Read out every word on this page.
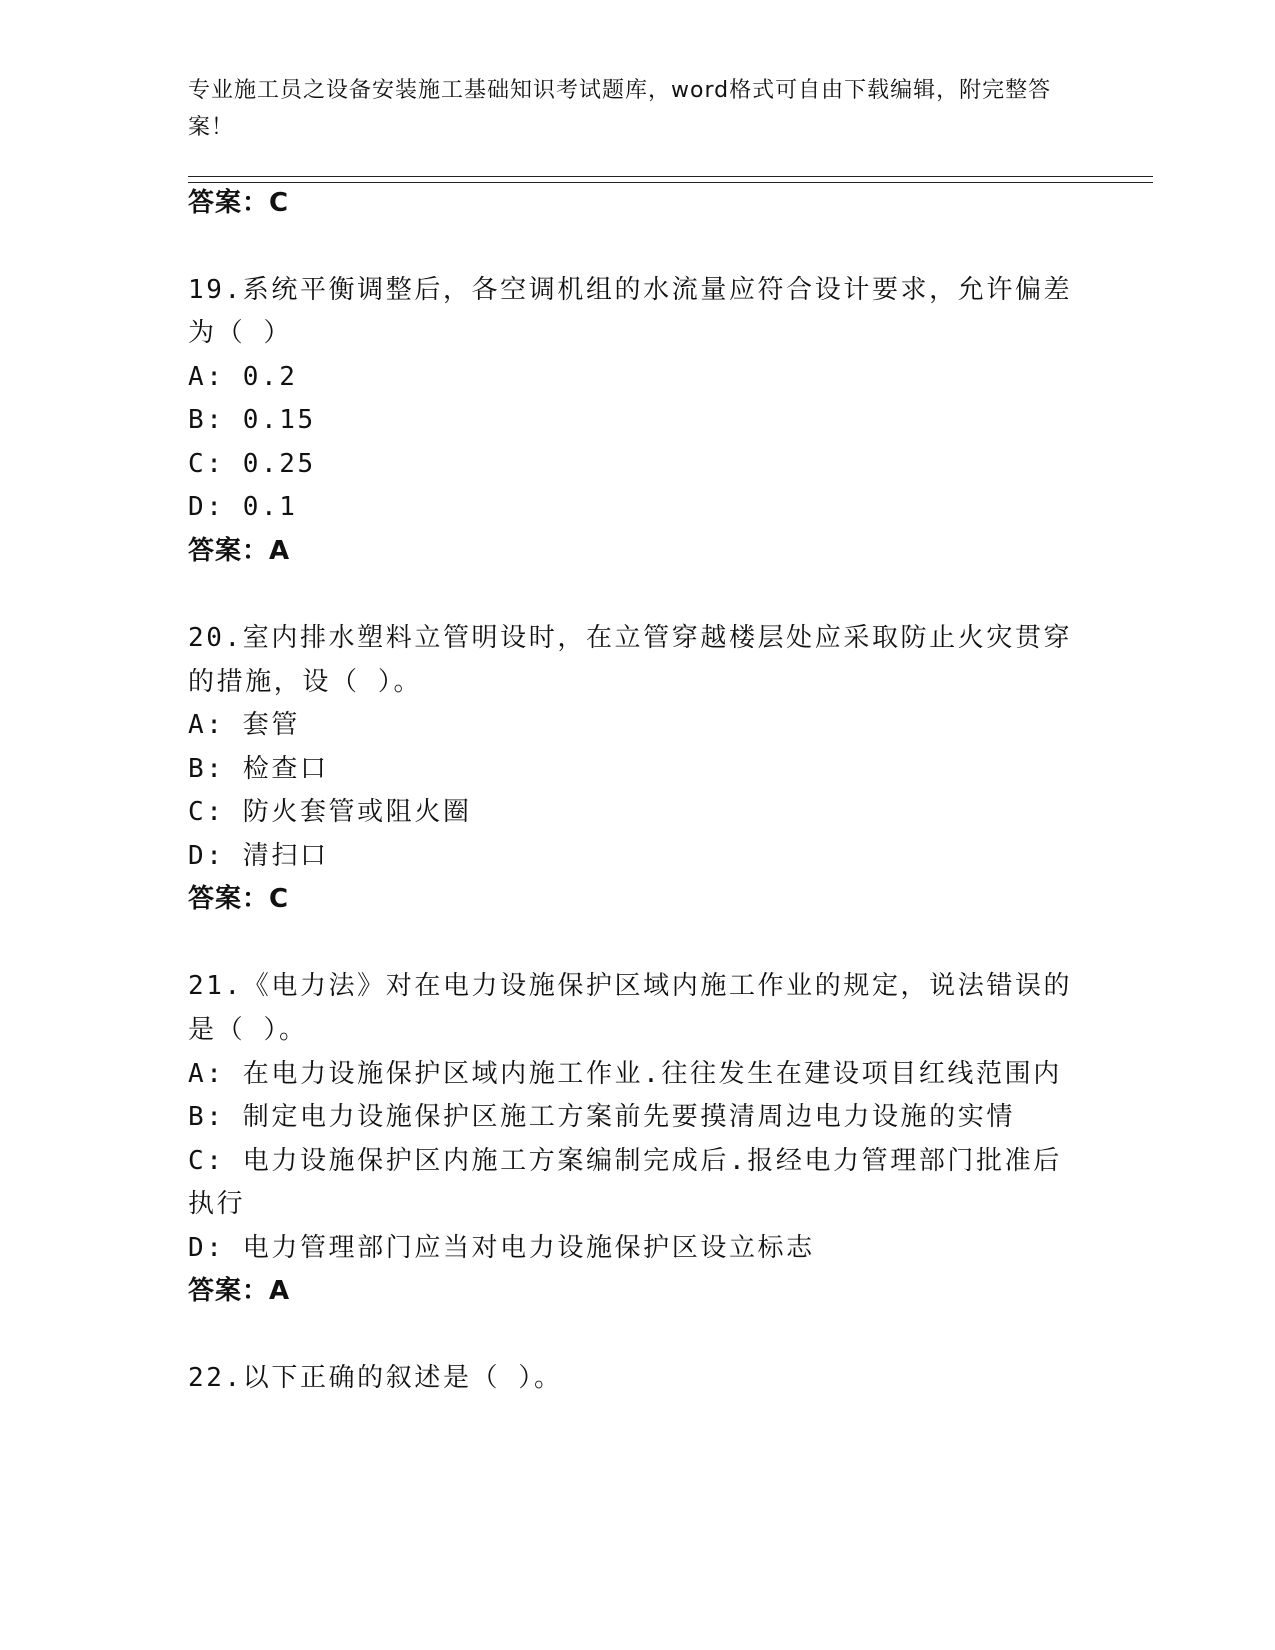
专业施工员之设备安装施工基础知识考试题库，word格式可自由下载编辑，附完整答案！
答案：C
19.系统平衡调整后，各空调机组的水流量应符合设计要求，允许偏差
为（ ）
A: 0.2
B: 0.15
C: 0.25
D: 0.1
答案：A
20.室内排水塑料立管明设时，在立管穿越楼层处应采取防止火灾贯穿
的措施，设（ ）。
A: 套管
B: 检查口
C: 防火套管或阻火圈
D: 清扫口
答案：C
21.《电力法》对在电力设施保护区域内施工作业的规定，说法错误的
是（ ）。
A: 在电力设施保护区域内施工作业.往往发生在建设项目红线范围内
B: 制定电力设施保护区施工方案前先要摸清周边电力设施的实情
C: 电力设施保护区内施工方案编制完成后.报经电力管理部门批准后
执行
D: 电力管理部门应当对电力设施保护区设立标志
答案：A
22.以下正确的叙述是（ ）。
